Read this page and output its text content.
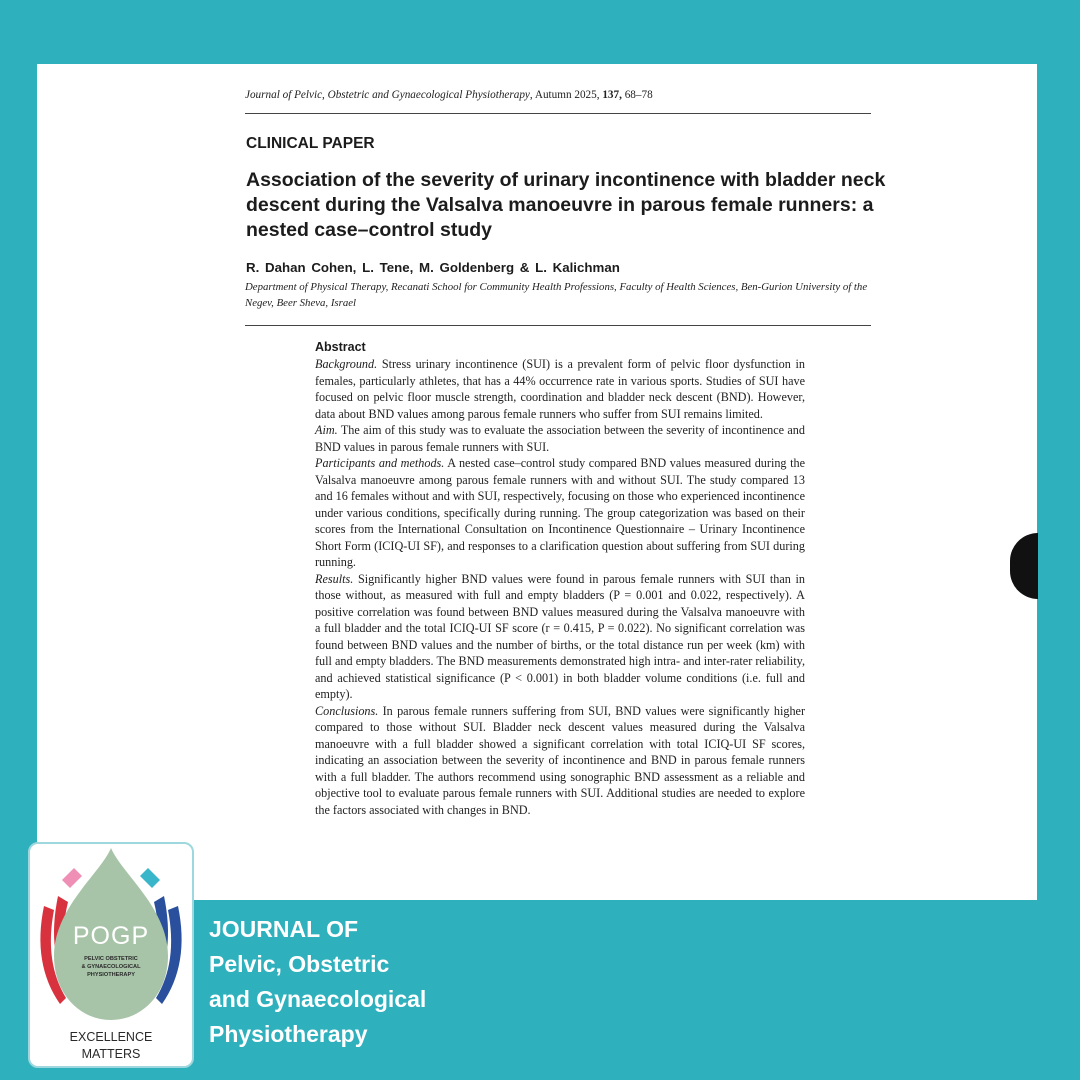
Journal of Pelvic, Obstetric and Gynaecological Physiotherapy, Autumn 2025, 137, 68–78
CLINICAL PAPER
Association of the severity of urinary incontinence with bladder neck descent during the Valsalva manoeuvre in parous female runners: a nested case–control study
R. Dahan Cohen, L. Tene, M. Goldenberg & L. Kalichman
Department of Physical Therapy, Recanati School for Community Health Professions, Faculty of Health Sciences, Ben-Gurion University of the Negev, Beer Sheva, Israel
Abstract

Background. Stress urinary incontinence (SUI) is a prevalent form of pelvic floor dysfunction in females, particularly athletes, that has a 44% occurrence rate in various sports. Studies of SUI have focused on pelvic floor muscle strength, coordination and bladder neck descent (BND). However, data about BND values among parous female runners who suffer from SUI remains limited.

Aim. The aim of this study was to evaluate the association between the severity of incontinence and BND values in parous female runners with SUI.

Participants and methods. A nested case–control study compared BND values measured during the Valsalva manoeuvre among parous female runners with and without SUI. The study compared 13 and 16 females without and with SUI, respectively, focusing on those who experienced incontinence under various conditions, specifically during running. The group categorization was based on their scores from the International Consultation on Incontinence Questionnaire – Urinary Incontinence Short Form (ICIQ-UI SF), and responses to a clarification question about suffering from SUI during running.

Results. Significantly higher BND values were found in parous female runners with SUI than in those without, as measured with full and empty bladders (P = 0.001 and 0.022, respectively). A positive correlation was found between BND values measured during the Valsalva manoeuvre with a full bladder and the total ICIQ-UI SF score (r = 0.415, P = 0.022). No significant correlation was found between BND values and the number of births, or the total distance run per week (km) with full and empty bladders. The BND measurements demonstrated high intra- and inter-rater reliability, and achieved statistical significance (P < 0.001) in both bladder volume conditions (i.e. full and empty).

Conclusions. In parous female runners suffering from SUI, BND values were significantly higher compared to those without SUI. Bladder neck descent values measured during the Valsalva manoeuvre with a full bladder showed a significant correlation with total ICIQ-UI SF scores, indicating an association between the severity of incontinence and BND in parous female runners with a full bladder. The authors recommend using sonographic BND assessment as a reliable and objective tool to evaluate parous female runners with SUI. Additional studies are needed to explore the factors associated with changes in BND.

POGP
PELVIC OBSTETRIC
& GYNAECOLOGICAL
PHYSIOTHERAPY
EXCELLENCE
MATTERS
JOURNAL OF
Pelvic, Obstetric
and Gynaecological
Physiotherapy
